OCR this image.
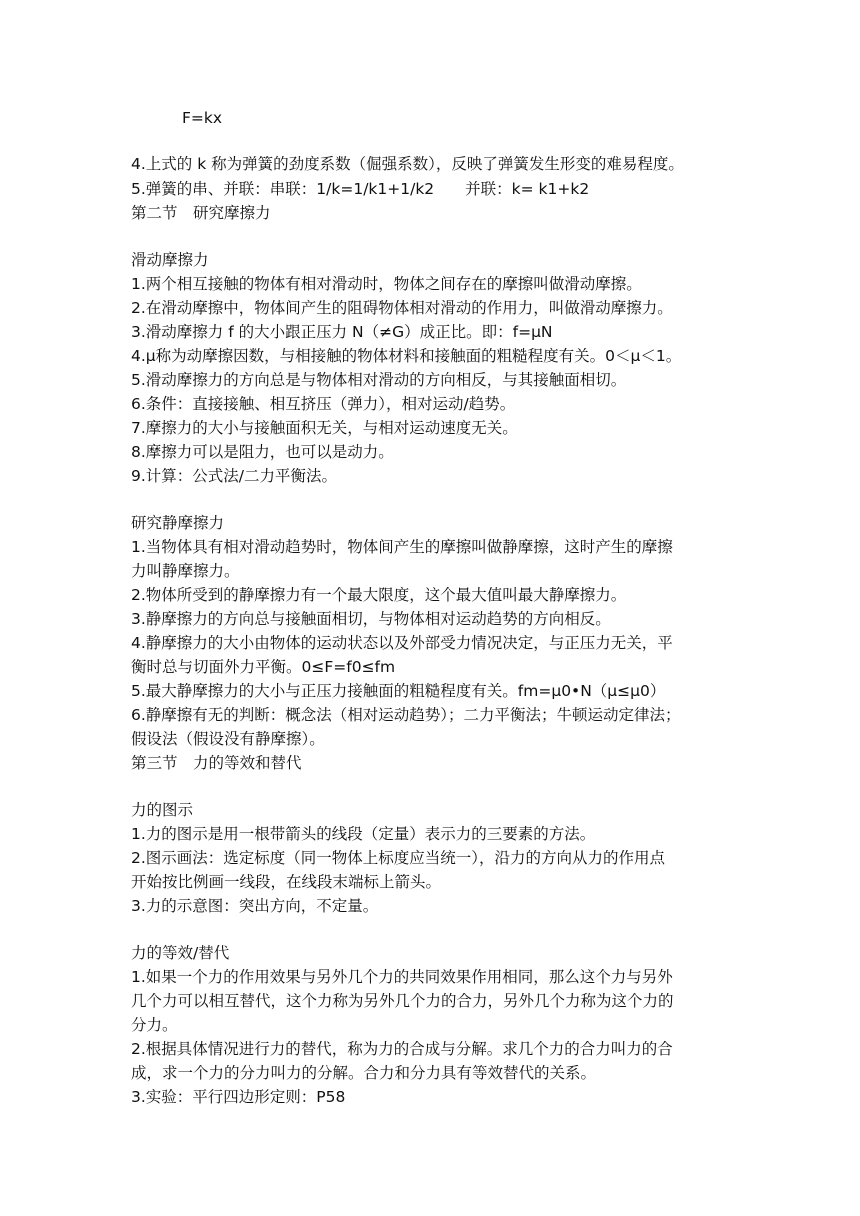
F=kx
4.上式的 k 称为弹簧的劲度系数（倔强系数），反映了弹簧发生形变的难易程度。
5.弹簧的串、并联：串联：1/k=1/k1+1/k2　　并联：k= k1+k2
第二节　研究摩擦力
滑动摩擦力
1.两个相互接触的物体有相对滑动时，物体之间存在的摩擦叫做滑动摩擦。
2.在滑动摩擦中，物体间产生的阻碍物体相对滑动的作用力，叫做滑动摩擦力。
3.滑动摩擦力 f 的大小跟正压力 N（≠G）成正比。即：f=μN
4.μ称为动摩擦因数，与相接触的物体材料和接触面的粗糙程度有关。0＜μ＜1。
5.滑动摩擦力的方向总是与物体相对滑动的方向相反，与其接触面相切。
6.条件：直接接触、相互挤压（弹力），相对运动/趋势。
7.摩擦力的大小与接触面积无关，与相对运动速度无关。
8.摩擦力可以是阻力，也可以是动力。
9.计算：公式法/二力平衡法。
研究静摩擦力
1.当物体具有相对滑动趋势时，物体间产生的摩擦叫做静摩擦，这时产生的摩擦
力叫静摩擦力。
2.物体所受到的静摩擦力有一个最大限度，这个最大值叫最大静摩擦力。
3.静摩擦力的方向总与接触面相切，与物体相对运动趋势的方向相反。
4.静摩擦力的大小由物体的运动状态以及外部受力情况决定，与正压力无关，平
衡时总与切面外力平衡。0≤F=f0≤fm
5.最大静摩擦力的大小与正压力接触面的粗糙程度有关。fm=μ0•N（μ≤μ0）
6.静摩擦有无的判断：概念法（相对运动趋势）；二力平衡法；牛顿运动定律法；
假设法（假设没有静摩擦）。
第三节　力的等效和替代
力的图示
1.力的图示是用一根带箭头的线段（定量）表示力的三要素的方法。
2.图示画法：选定标度（同一物体上标度应当统一），沿力的方向从力的作用点
开始按比例画一线段，在线段末端标上箭头。
3.力的示意图：突出方向，不定量。
力的等效/替代
1.如果一个力的作用效果与另外几个力的共同效果作用相同，那么这个力与另外
几个力可以相互替代，这个力称为另外几个力的合力，另外几个力称为这个力的
分力。
2.根据具体情况进行力的替代，称为力的合成与分解。求几个力的合力叫力的合
成，求一个力的分力叫力的分解。合力和分力具有等效替代的关系。
3.实验：平行四边形定则：P58
